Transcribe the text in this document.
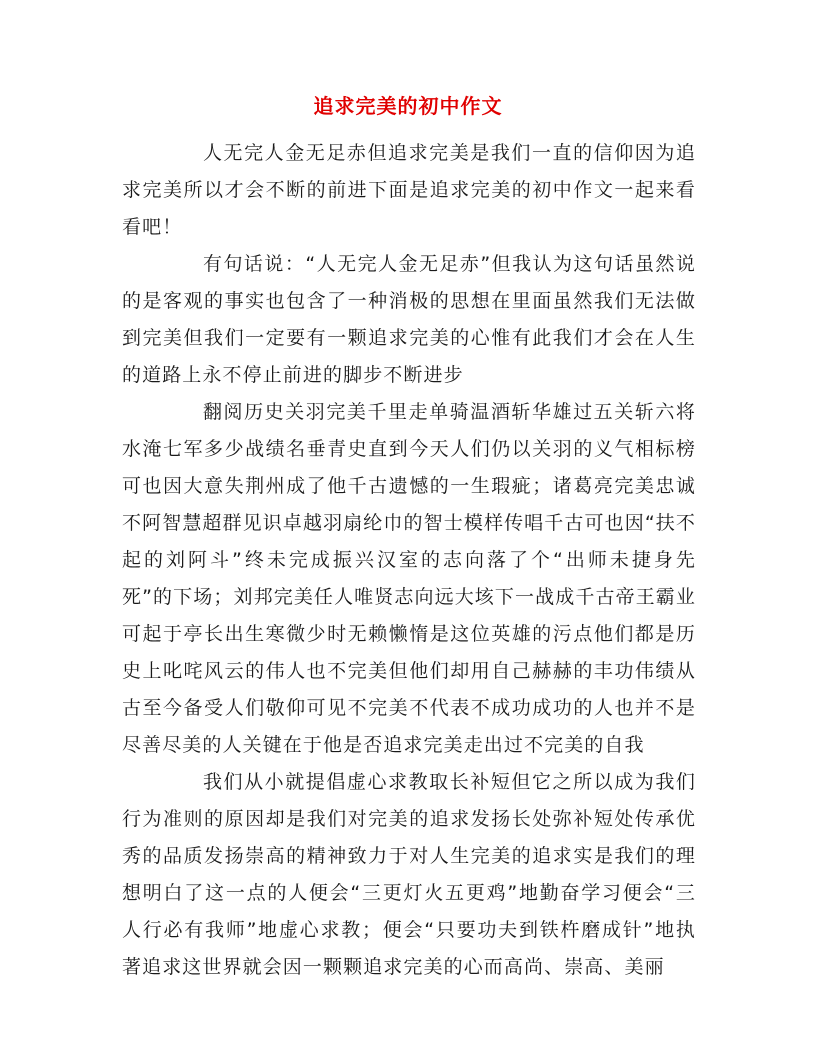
追求完美的初中作文

人无完人金无足赤但追求完美是我们一直的信仰因为追求完美所以才会不断的前进下面是追求完美的初中作文一起来看看吧！

有句话说：“人无完人金无足赤”但我认为这句话虽然说的是客观的事实也包含了一种消极的思想在里面虽然我们无法做到完美但我们一定要有一颗追求完美的心惟有此我们才会在人生的道路上永不停止前进的脚步不断进步

翻阅历史关羽完美千里走单骑温酒斩华雄过五关斩六将水淹七军多少战绩名垂青史直到今天人们仍以关羽的义气相标榜可也因大意失荆州成了他千古遗憾的一生瑕疵；诸葛亮完美忠诚不阿智慧超群见识卓越羽扇纶巾的智士模样传唱千古可也因“扶不起的刘阿斗”终未完成振兴汉室的志向落了个“出师未捷身先死”的下场；刘邦完美任人唯贤志向远大垓下一战成千古帝王霸业可起于亭长出生寒微少时无赖懒惰是这位英雄的污点他们都是历史上叱咤风云的伟人也不完美但他们却用自己赫赫的丰功伟绩从古至今备受人们敬仰可见不完美不代表不成功成功的人也并不是尽善尽美的人关键在于他是否追求完美走出过不完美的自我

我们从小就提倡虚心求教取长补短但它之所以成为我们行为准则的原因却是我们对完美的追求发扬长处弥补短处传承优秀的品质发扬崇高的精神致力于对人生完美的追求实是我们的理想明白了这一点的人便会“三更灯火五更鸡”地勤奋学习便会“三人行必有我师”地虚心求教；便会“只要功夫到铁杵磨成针”地执著追求这世界就会因一颗颗追求完美的心而高尚、崇高、美丽
